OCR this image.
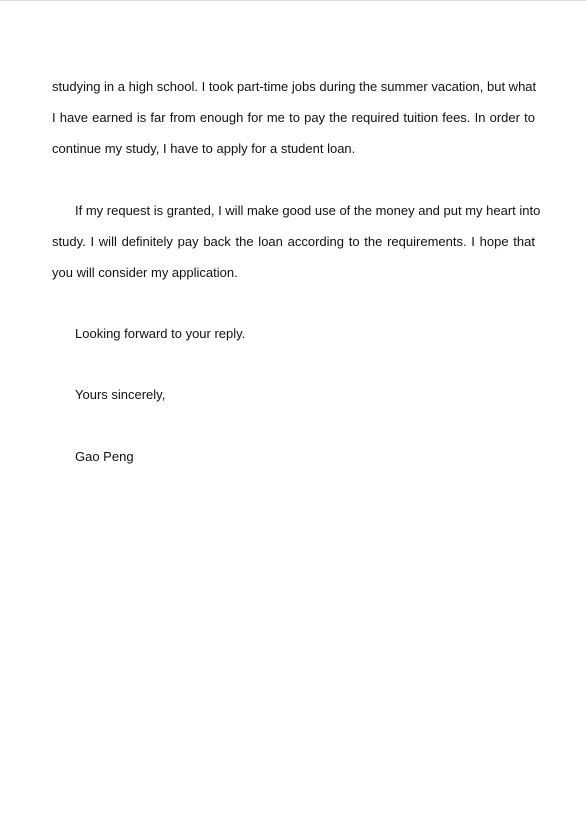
studying in a high school. I took part-time jobs during the summer vacation, but what
I have earned is far from enough for me to pay the required tuition fees. In order to
continue my study, I have to apply for a student loan.
If my request is granted, I will make good use of the money and put my heart into
study. I will definitely pay back the loan according to the requirements. I hope that
you will consider my application.
Looking forward to your reply.
Yours sincerely,
Gao Peng
